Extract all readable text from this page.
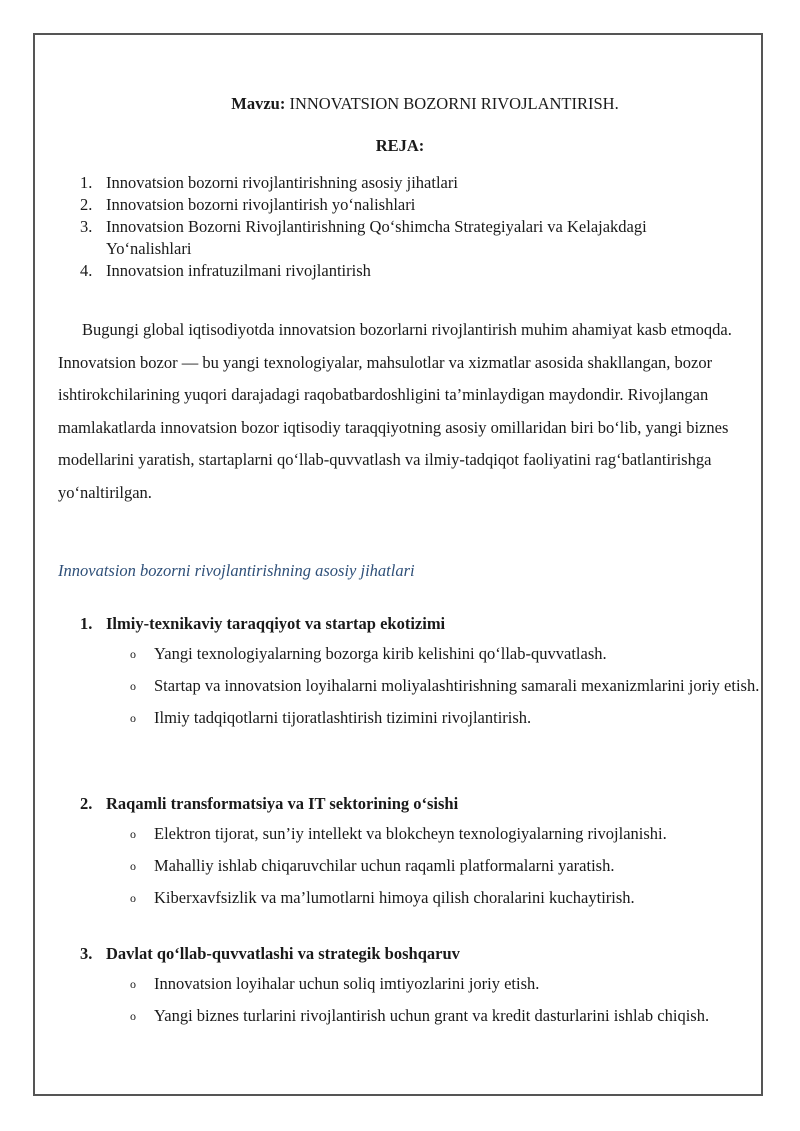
Mavzu: INNOVATSION BOZORNI RIVOJLANTIRISH.
REJA:
1. Innovatsion bozorni rivojlantirishning asosiy jihatlari
2. Innovatsion bozorni rivojlantirish yo‘nalishlari
3. Innovatsion Bozorni Rivojlantirishning Qo‘shimcha Strategiyalari va Kelajakdagi Yo‘nalishlari
4. Innovatsion infratuzilmani rivojlantirish
Bugungi global iqtisodiyotda innovatsion bozorlarni rivojlantirish muhim ahamiyat kasb etmoqda. Innovatsion bozor — bu yangi texnologiyalar, mahsulotlar va xizmatlar asosida shakllangan, bozor ishtirokchilarining yuqori darajadagi raqobatbardoshligini ta’minlaydigan maydondir. Rivojlangan mamlakatlarda innovatsion bozor iqtisodiy taraqqiyotning asosiy omillaridan biri bo‘lib, yangi biznes modellarini yaratish, startaplarni qo‘llab-quvvatlash va ilmiy-tadqiqot faoliyatini rag‘batlantirishga yo‘naltirilgan.
Innovatsion bozorni rivojlantirishning asosiy jihatlari
1. Ilmiy-texnikaviy taraqqiyot va startap ekotizimi
o	Yangi texnologiyalarning bozorga kirib kelishini qo‘llab-quvvatlash.
o	Startap va innovatsion loyihalarni moliyalashtirishning samarali mexanizmlarini joriy etish.
o	Ilmiy tadqiqotlarni tijoratlashtirish tizimini rivojlantirish.
2. Raqamli transformatsiya va IT sektorining o‘sishi
o	Elektron tijorat, sun’iy intellekt va blokcheyn texnologiyalarning rivojlanishi.
o	Mahalliy ishlab chiqaruvchilar uchun raqamli platformalarni yaratish.
o	Kiberxavfsizlik va ma’lumotlarni himoya qilish choralarini kuchaytirish.
3. Davlat qo‘llab-quvvatlashi va strategik boshqaruv
o	Innovatsion loyihalar uchun soliq imtiyozlarini joriy etish.
o	Yangi biznes turlarini rivojlantirish uchun grant va kredit dasturlarini ishlab chiqish.
